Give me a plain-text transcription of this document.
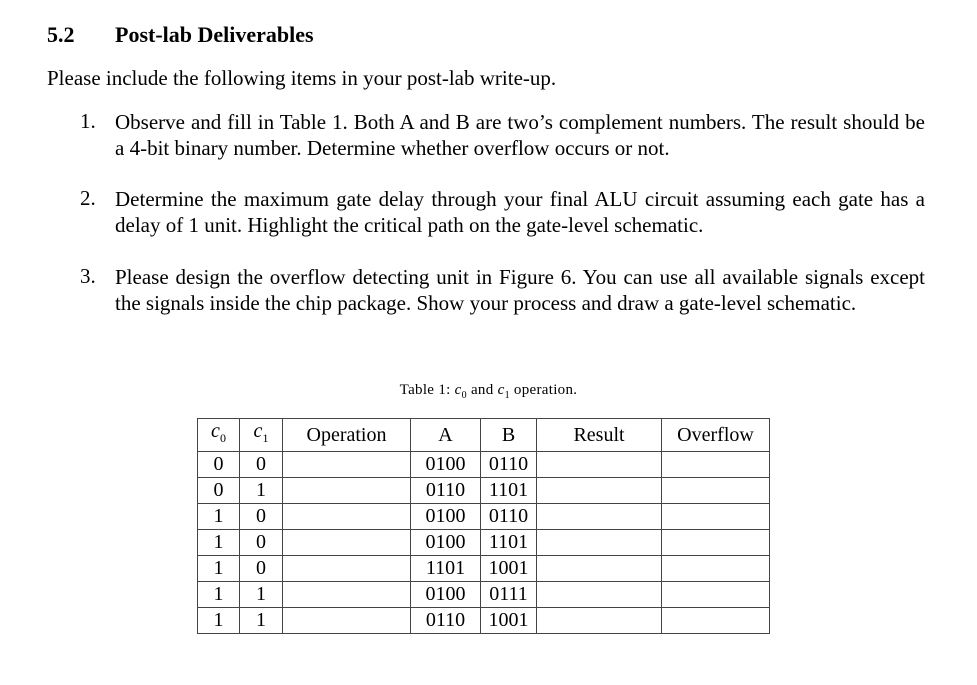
5.2 Post-lab Deliverables
Please include the following items in your post-lab write-up.
1. Observe and fill in Table 1. Both A and B are two’s complement numbers. The result should be a 4-bit binary number. Determine whether overflow occurs or not.
2. Determine the maximum gate delay through your final ALU circuit assuming each gate has a delay of 1 unit. Highlight the critical path on the gate-level schematic.
3. Please design the overflow detecting unit in Figure 6. You can use all available signals except the signals inside the chip package. Show your process and draw a gate-level schematic.
Table 1: $c_0$ and $c_1$ operation.
$c_0$	$c_1$	Operation	A	B	Result	Overflow
0	0		0100	0110		
0	1		0110	1101		
1	0		0100	0110		
1	0		0100	1101		
1	0		1101	1001		
1	1		0100	0111		
1	1		0110	1001		
